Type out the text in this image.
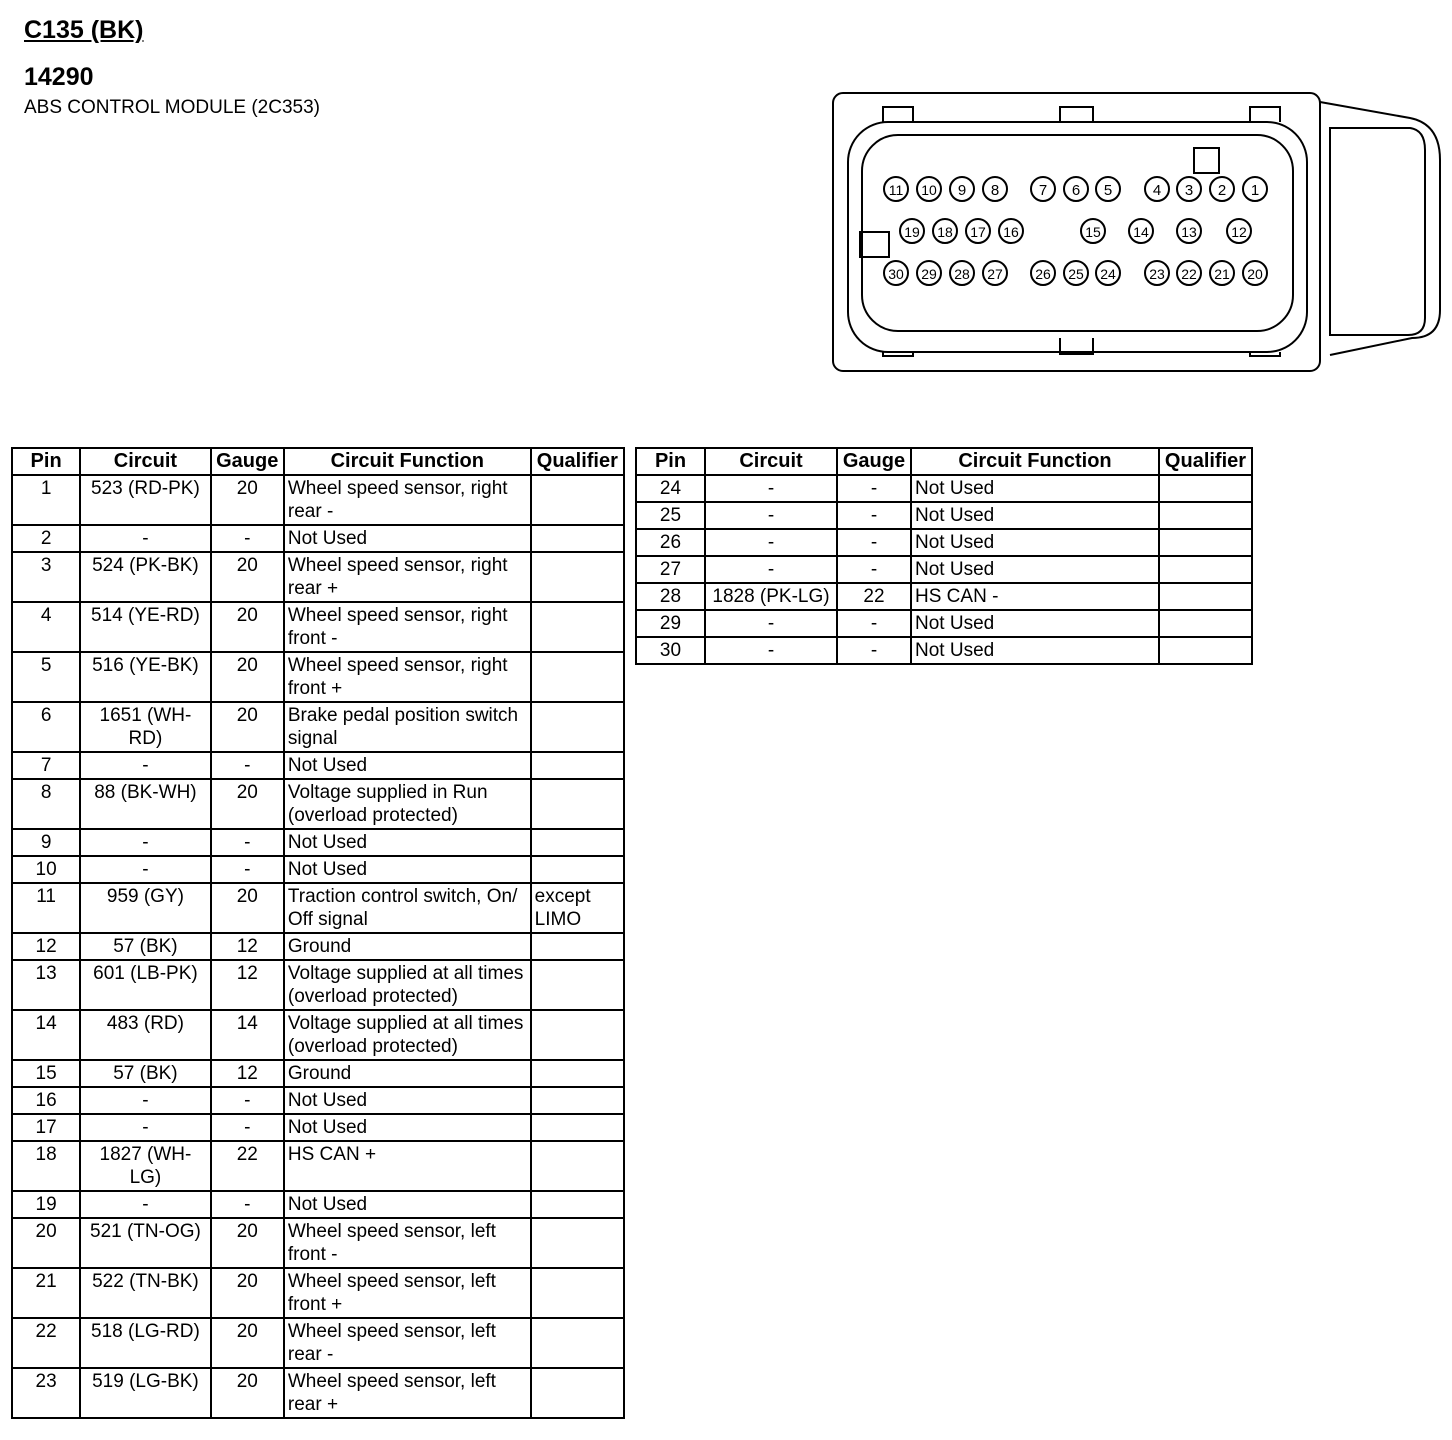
C135 (BK)
14290
ABS CONTROL MODULE (2C353)
11 10 9 8	7 6 5	4 3 2 1
19 18 17 16	15 14 13 12
30 29 28 27 26 25 24 23 22 21 20
Pin	Circuit	Gauge	Circuit Function	Qualifier
1	523 (RD-PK)	20	Wheel speed sensor, right rear -	
2	-	-	Not Used	
3	524 (PK-BK)	20	Wheel speed sensor, right rear +	
4	514 (YE-RD)	20	Wheel speed sensor, right front -	
5	516 (YE-BK)	20	Wheel speed sensor, right front +	
6	1651 (WH-RD)	20	Brake pedal position switch signal	
7	-	-	Not Used	
8	88 (BK-WH)	20	Voltage supplied in Run (overload protected)	
9	-	-	Not Used	
10	-	-	Not Used	
11	959 (GY)	20	Traction control switch, On/ Off signal	except LIMO
12	57 (BK)	12	Ground	
13	601 (LB-PK)	12	Voltage supplied at all times (overload protected)	
14	483 (RD)	14	Voltage supplied at all times (overload protected)	
15	57 (BK)	12	Ground	
16	-	-	Not Used	
17	-	-	Not Used	
18	1827 (WH-LG)	22	HS CAN +	
19	-	-	Not Used	
20	521 (TN-OG)	20	Wheel speed sensor, left front -	
21	522 (TN-BK)	20	Wheel speed sensor, left front +	
22	518 (LG-RD)	20	Wheel speed sensor, left rear -	
23	519 (LG-BK)	20	Wheel speed sensor, left rear +	
Pin	Circuit	Gauge	Circuit Function	Qualifier
24	-	-	Not Used	
25	-	-	Not Used	
26	-	-	Not Used	
27	-	-	Not Used	
28	1828 (PK-LG)	22	HS CAN -	
29	-	-	Not Used	
30	-	-	Not Used	
